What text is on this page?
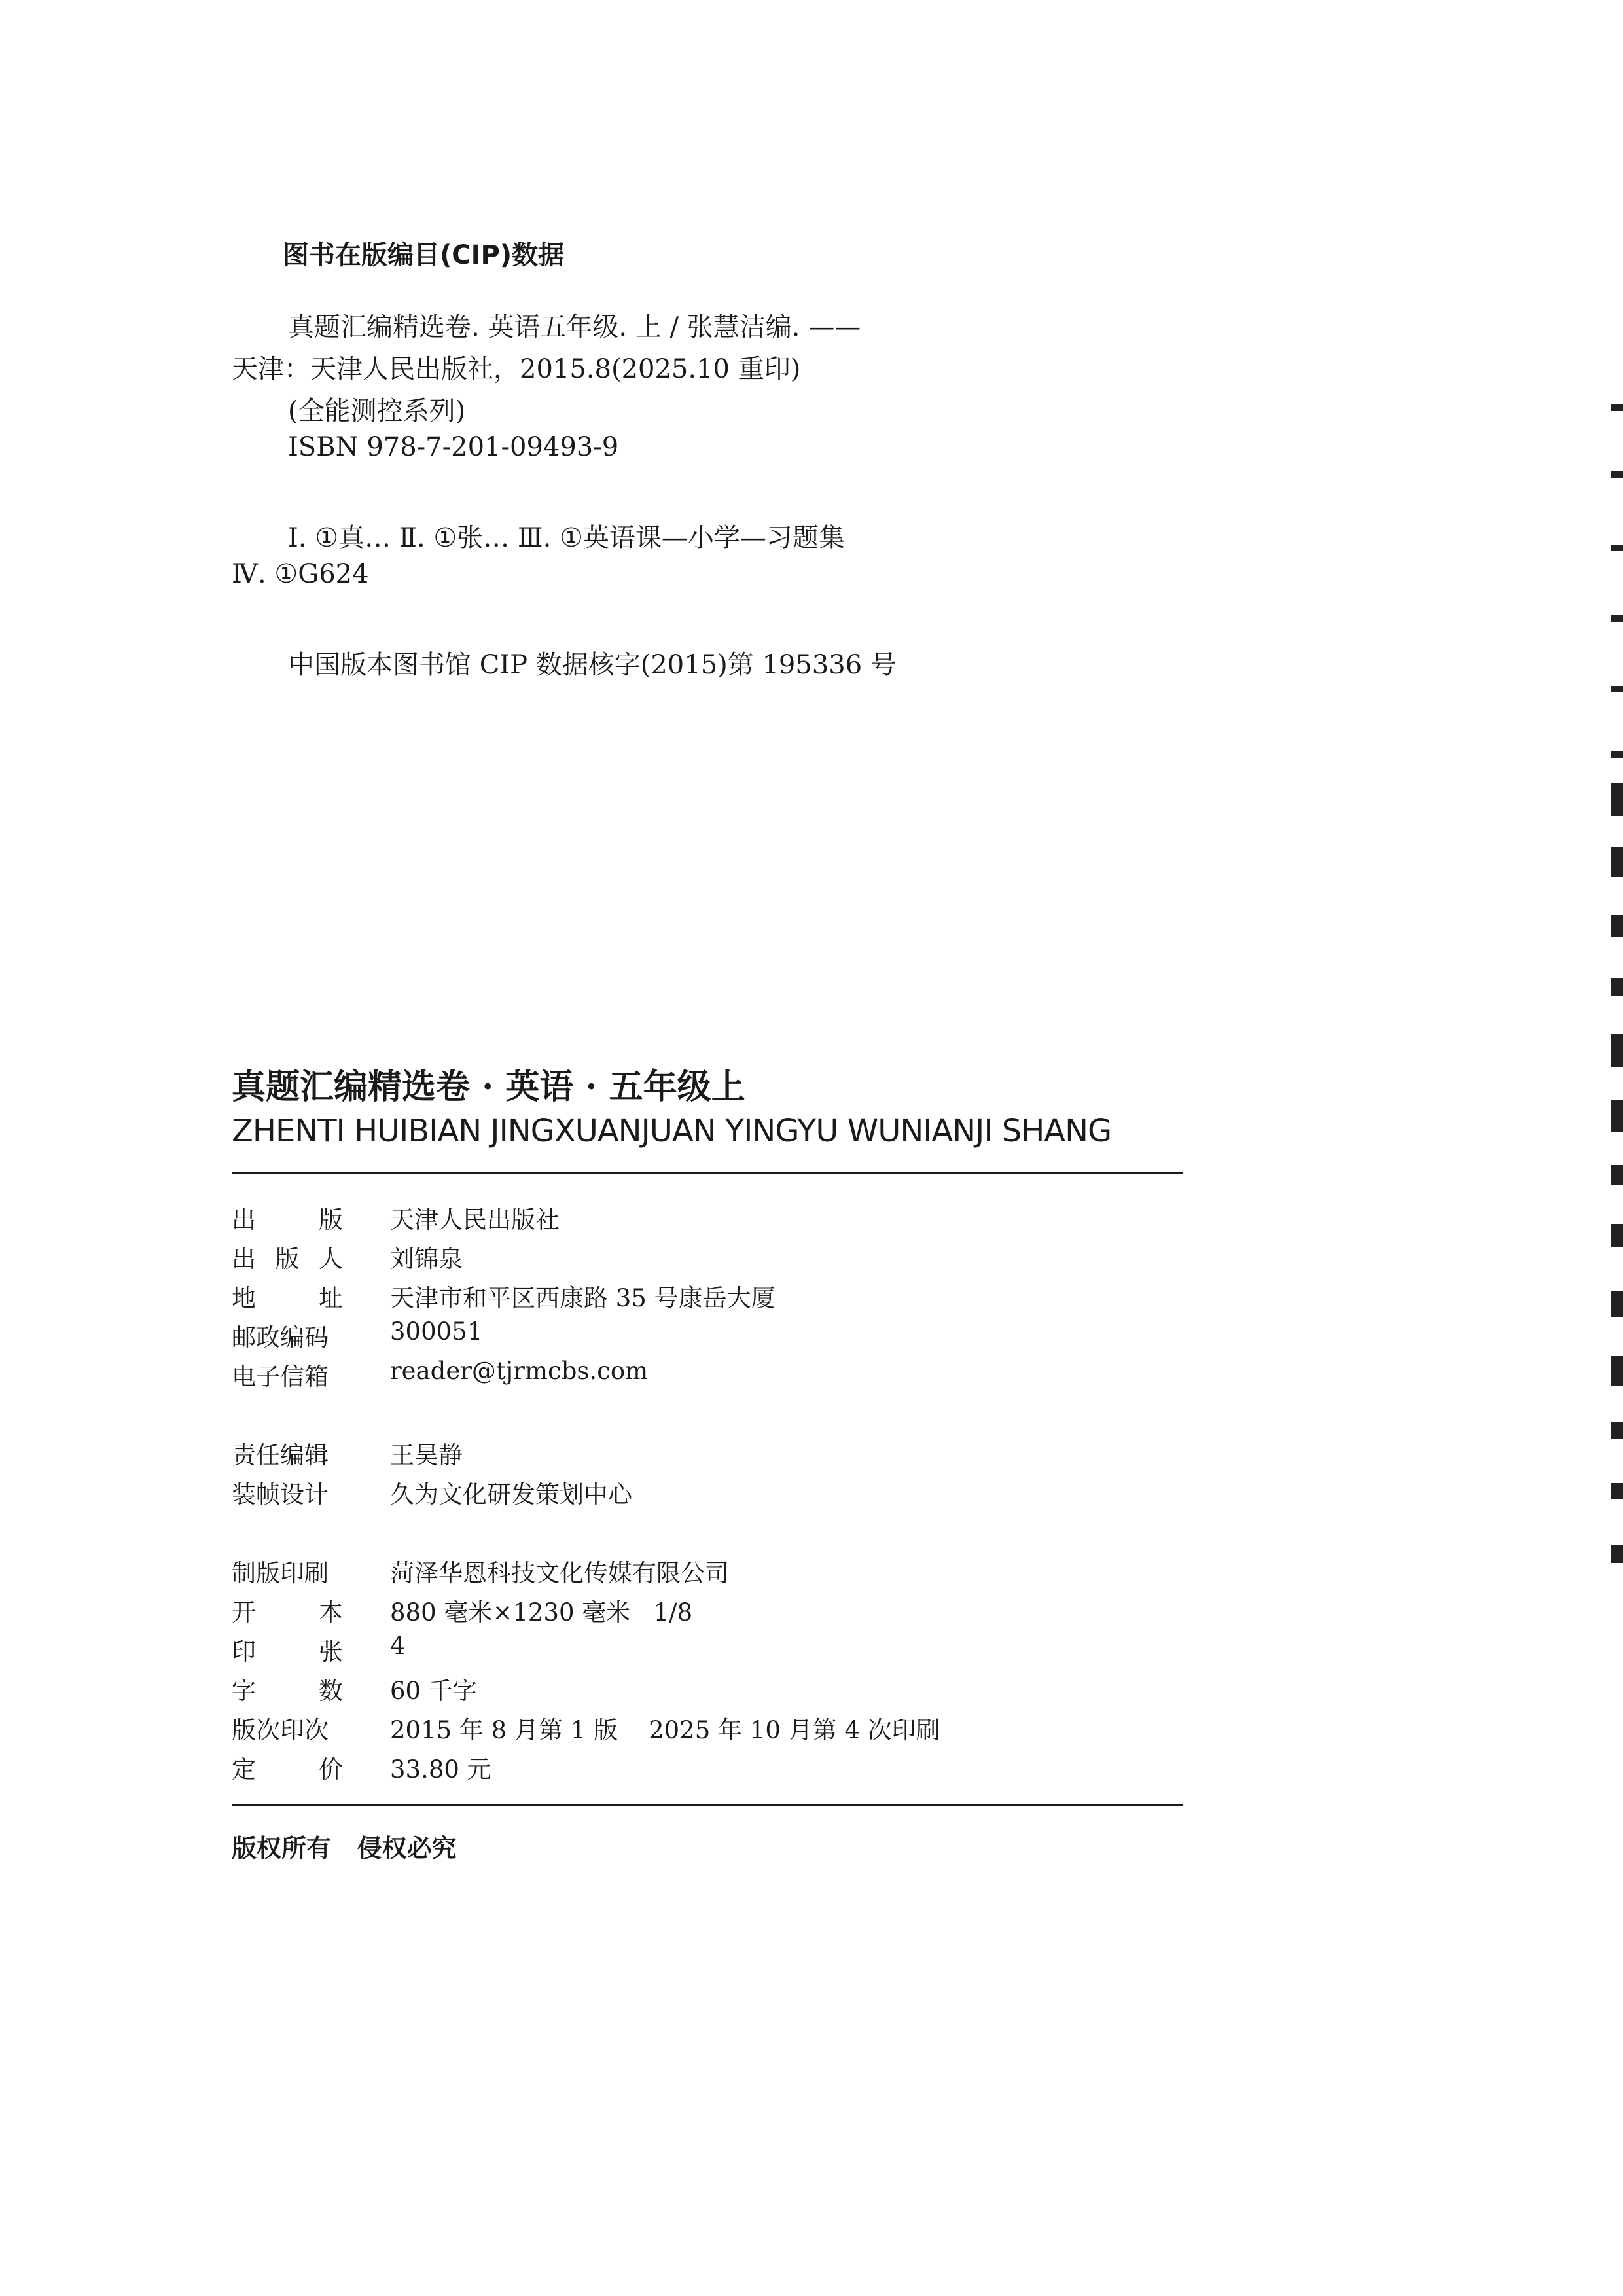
图书在版编目(CIP)数据
真题汇编精选卷. 英语五年级. 上 / 张慧洁编. ——
天津：天津人民出版社，2015.8(2025.10 重印)
(全能测控系列)
ISBN 978-7-201-09493-9
Ⅰ. ①真… Ⅱ. ①张… Ⅲ. ①英语课—小学—习题集
Ⅳ. ①G624
中国版本图书馆 CIP 数据核字(2015)第 195336 号
真题汇编精选卷 · 英语 · 五年级上
ZHENTI HUIBIAN JINGXUANJUAN YINGYU WUNIANJI SHANG
出	版 天津人民出版社
出 版 人 刘锦泉
地	址 天津市和平区西康路 35 号康岳大厦
邮政编码	300051
电子信箱	reader@tjrmcbs.com
责任编辑	王昊静
装帧设计	久为文化研发策划中心
制版印刷	菏泽华恩科技文化传媒有限公司
开	本 880 毫米×1230 毫米   1/8
印	张 4
字	数 60 千字
版次印次	2015 年 8 月第 1 版    2025 年 10 月第 4 次印刷
定	价 33.80 元
版权所有   侵权必究
